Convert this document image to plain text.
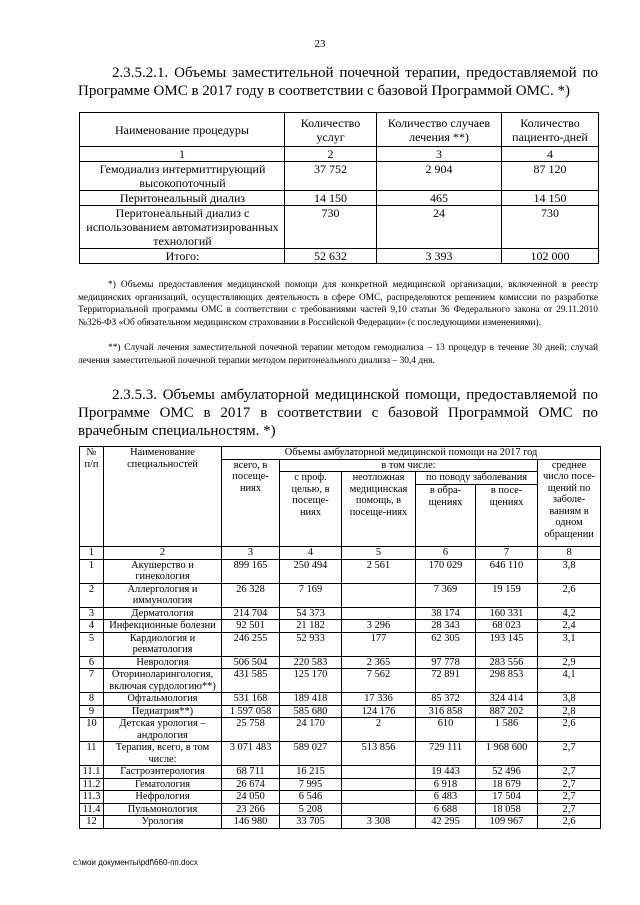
23
2.3.5.2.1. Объемы заместительной почечной терапии, предоставляемой по Программе ОМС в 2017 году в соответствии с базовой Программой ОМС. *)
Наименование процедуры	Количество услуг	Количество случаев лечения **)	Количество пациенто-дней
1	2	3	4
Гемодиализ интермиттирующий высокопоточный	37 752	2 904	87 120
Перитонеальный диализ	14 150	465	14 150
Перитонеальный диализ с использованием автоматизированных технологий	730	24	730
Итого:	52 632	3 393	102 000
*) Объемы предоставления медицинской помощи для конкретной медицинской организации, включенной в реестр медицинских организаций, осуществляющих деятельность в сфере ОМС, распределяются решением комиссии по разработке Территориальной программы ОМС в соответствии с требованиями частей 9,10 статьи 36 Федерального закона от 29.11.2010 №326-ФЗ «Об обязательном медицинском страховании в Российской Федерации» (с последующими изменениями).
**) Случай лечения заместительной почечной терапии методом гемодиализа – 13 процедур в течение 30 дней; случай лечения заместительной почечной терапии методом перитонеального диализа – 30,4 дня.
2.3.5.3. Объемы амбулаторной медицинской помощи, предоставляемой по Программе ОМС в 2017 в соответствии с базовой Программой ОМС по врачебным специальностям. *)
№ п/п	Наименование специальностей	Объемы амбулаторной медицинской помощи на 2017 год					
		всего, в посеще-ниях	в том числе:				среднее число посе-щений по заболе-ваниям в одном обращении
			с проф. целью, в посеще-ниях	неотложная медицинская помощь, в посеще-ниях	по поводу заболевания		
					в обра-щениях	в посе-щениях	
1	2	3	4	5	6	7	8
1	Акушерство и гинекология	899 165	250 494	2 561	170 029	646 110	3,8
2	Аллергология и иммунология	26 328	7 169		7 369	19 159	2,6
3	Дерматология	214 704	54 373		38 174	160 331	4,2
4	Инфекционные болезни	92 501	21 182	3 296	28 343	68 023	2,4
5	Кардиология и ревматология	246 255	52 933	177	62 305	193 145	3,1
6	Неврология	506 504	220 583	2 365	97 778	283 556	2,9
7	Оториноларингология, включая сурдологию**)	431 585	125 170	7 562	72 891	298 853	4,1
8	Офтальмология	531 168	189 418	17 336	85 372	324 414	3,8
9	Педиатрия**)	1 597 058	585 680	124 176	316 858	887 202	2,8
10	Детская урология – андрология	25 758	24 170	2	610	1 586	2,6
11	Терапия, всего, в том числе:	3 071 483	589 027	513 856	729 111	1 968 600	2,7
11.1	Гастроэнтерология	68 711	16 215		19 443	52 496	2,7
11.2	Гематология	26 674	7 995		6 918	18 679	2,7
11.3	Нефрология	24 050	6 546		6 483	17 504	2,7
11.4	Пульмонология	23 266	5 208		6 688	18 058	2,7
12	Урология	146 980	33 705	3 308	42 295	109 967	2,6
c:\мои документы\pdf\660-пп.docx
